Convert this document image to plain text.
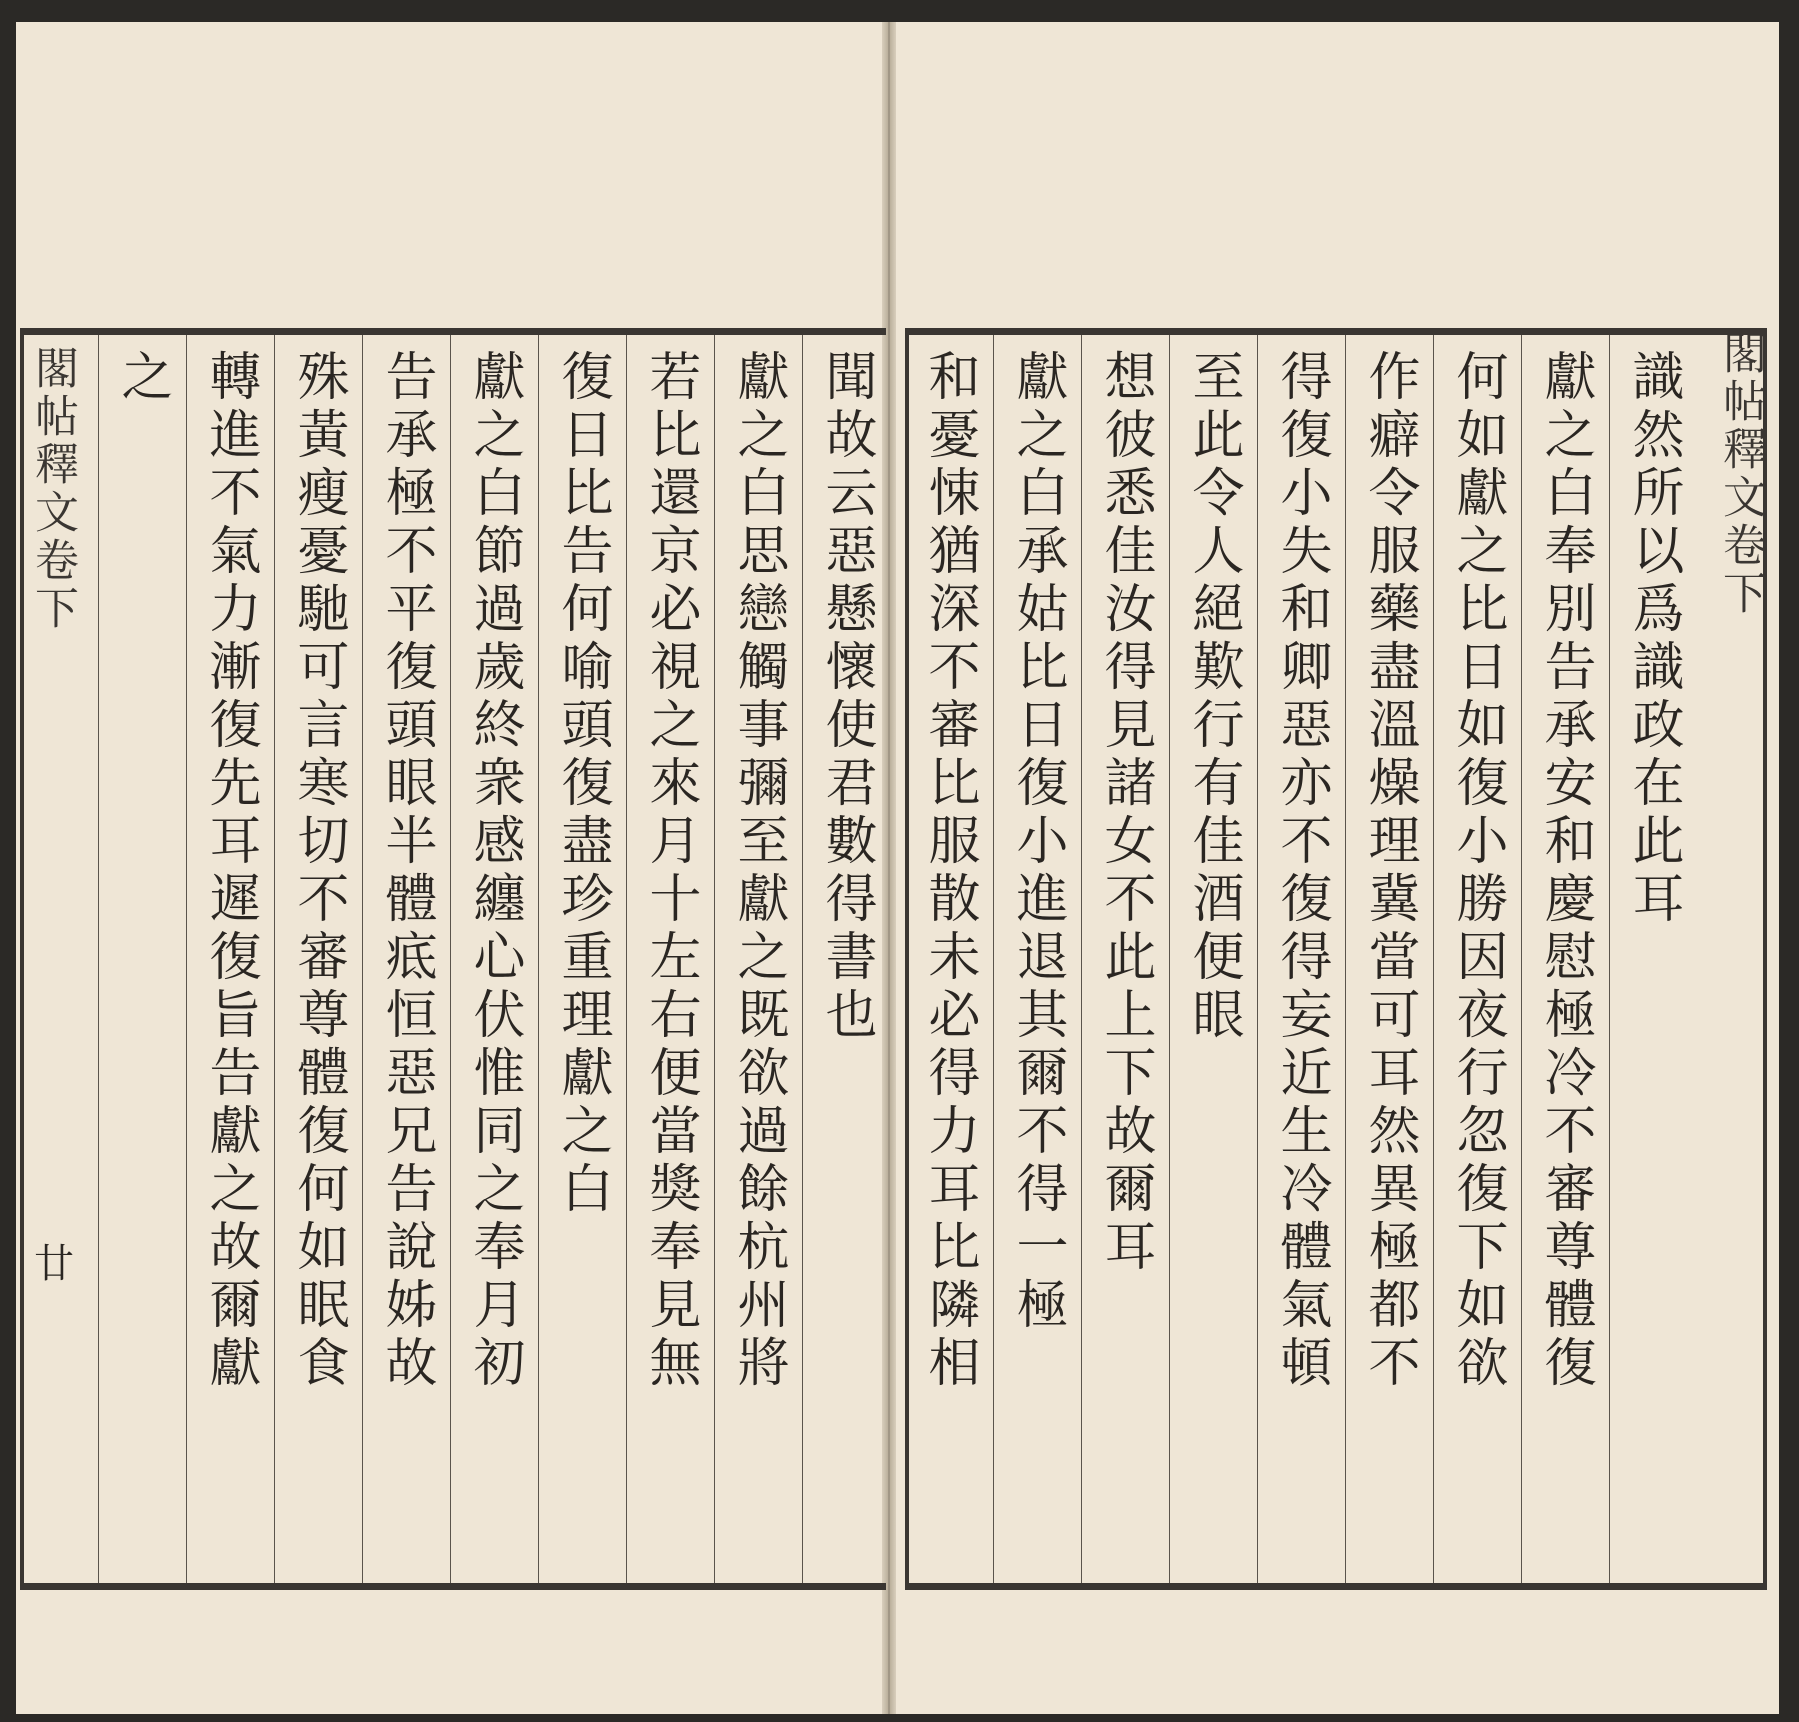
聞故云惡懸懷使君數得書也
獻之白思戀觸事彌至獻之既欲過餘杭州將
若比還京必視之來月十左右便當獎奉見無
復日比告何喻頭復盡珍重理獻之白
獻之白節過歲終衆感纏心伏惟同之奉月初
告承極不平復頭眼半體疷恒惡兄告說姊故
殊黃瘦憂馳可言寒切不審尊體復何如眠食
轉進不氣力漸復先耳遲復旨告獻之故爾獻
之
閣帖釋文卷下
廿
識然所以爲識政在此耳
獻之白奉別告承安和慶慰極冷不審尊體復
何如獻之比日如復小勝因夜行忽復下如欲
作癖令服藥盡溫燥理冀當可耳然異極都不
得復小失和卿惡亦不復得妄近生冷體氣頓
至此令人絕歎行有佳酒便眼
想彼悉佳汝得見諸女不此上下故爾耳
獻之白承姑比日復小進退其爾不得一極
和憂悚猶深不審比服散未必得力耳比隣相	閣帖釋文卷下
